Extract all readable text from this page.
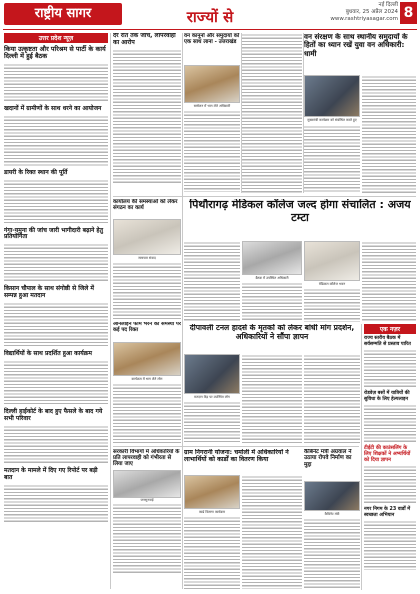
राष्ट्रीय सागर	राज्यों से
नई दिल्ली
बुधवार, 25 अप्रैल 2024
www.rashtriyasagar.com 8
उत्तर प्रदेश न्यूज़
किया उत्कृष्टता और परिश्रम से पार्टी के कार्य दिल्ली में हुई बैठक
खदानों में ग्रामीणों के साथ धरने का आयोजन
डायरी के रिक्त स्थान की पूर्ति
गंगा-यमुना की जांच जारी भागीदारी बढ़ाने हेतु प्रतियोगिता
किसान चौपाल के साथ संगोष्ठी से जिले में सम्पन्न हुआ मतदान
विद्यार्थियों के साथ प्रदर्शित हुआ कार्यक्रम
दिल्ली हाईकोर्ट के बाद हुए फैसले के बाद गये सभी परिवार
मतदान के मामले में दिए गए रिपोर्ट पर बड़ी बात
देर रात तक जांच, लापरवाही का आरोप
वन कानूनों और समुदायों को एक साथ लाना - उत्तराखंड
सम्मेलन में भाग लेते अधिकारी
वन संरक्षण के साथ स्थानीय समुदायों के हितों का ध्यान रखें युवा वन अधिकारी: धामी
मुख्यमंत्री कार्यक्रम को संबोधित करते हुए
कार्यालय की समस्याओं को लेकर संगठन का कार्य
समाचार संवाद
पिथौरागढ़ मेडिकल कॉलेज जल्द होगा संचालित : अजय टम्टा
बैठक में उपस्थित अधिकारी
मेडिकल कॉलेज भवन
दीपावली टनल हादसे के मृतकों को लेकर बांधी मांग प्रदर्शन, अधिकारियों ने सौंपा ज्ञापन
ऑनलाइन फॉर्म भरने की समस्या पर कई पद रिक्त
कार्यक्रम में भाग लेते लोग
मतदान केंद्र पर उपस्थित लोग
एक नज़र
राज्य स्तरीय बैठक में सर्वसम्मति से प्रस्ताव पारित
रोडवेज़ बसों में यात्रियों की सुविधा के लिए हेल्पलाइन
टीईटी की काउंसलिंग के लिए शिक्षकों ने अभ्यर्थियों को दिया ज्ञापन
नगर निगम के 23 वार्डों में स्वच्छता अभियान
सरकारी विभागों में अधिकारियों के प्रति लापरवाही को गंभीरता से लिया जाए
जनसुनवाई
ग्राम निगरानी योजना: चमोली में अधिकारियों ने लाभार्थियों को कार्डों का वितरण किया
कार्ड वितरण कार्यक्रम
कैबिनेट मंत्री अग्रवाल ने उठाया रोपवे निर्माण का मुद्दा
कैबिनेट मंत्री
